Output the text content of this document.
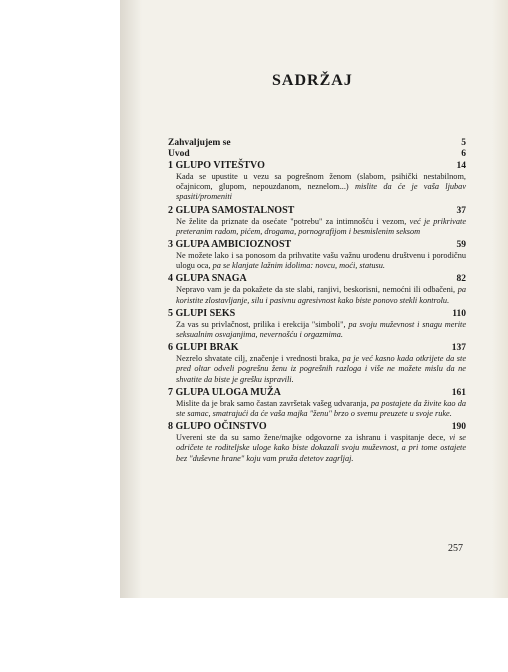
SADRŽAJ
Zahvaljujem se	5
Uvod	6
1 GLUPO VITEŠTVO	14
Kada se upustite u vezu sa pogrešnom ženom (slabom, psihički nestabilnom, očajnicom, glupom, nepouzdanom, neznelom...) mislite da će je vaša ljubav spasiti/promeniti
2 GLUPA SAMOSTALNOST	37
Ne želite da priznate da osećate "potrebu" za intimnošću i vezom, već je prikrivate preteranim radom, pićem, drogama, pornografijom i besmislenim seksom
3 GLUPA AMBICIOZNOST	59
Ne možete lako i sa ponosom da prihvatite vašu važnu urođenu društvenu i porodičnu ulogu oca, pa se klanjate lažnim idolima: novcu, moći, statusu.
4 GLUPA SNAGA	82
Nepravo vam je da pokažete da ste slabi, ranjivi, beskorisni, nemoćni ili odbačeni, pa koristite zlostavljanje, silu i pasivnu agresivnost kako biste ponovo stekli kontrolu.
5 GLUPI SEKS	110
Za vas su privlačnost, prilika i erekcija "simboli", pa svoju muževnost i snagu merite seksualnim osvajanjima, nevernošću i orgazmima.
6 GLUPI BRAK	137
Nezrelo shvatate cilj, značenje i vrednosti braka, pa je već kasno kada otkrijete da ste pred oltar odveli pogrešnu ženu iz pogrešnih razloga i više ne možete mislu da ne shvatite da biste je grešku ispravili.
7 GLUPA ULOGA MUŽA	161
Mislite da je brak samo častan završetak vašeg udvaranja, pa postajete da živite kao da ste samac, smatrajući da će vaša majka "ženu" brzo o svemu preuzete u svoje ruke.
8 GLUPO OČINSTVO	190
Uvereni ste da su samo žene/majke odgovorne za ishranu i vaspitanje dece, vi se odričete te roditeljske uloge kako biste dokazali svoju muževnost, a pri tome ostajete bez "duševne hrane" koju vam pruža detetov zagrljaj.
257
